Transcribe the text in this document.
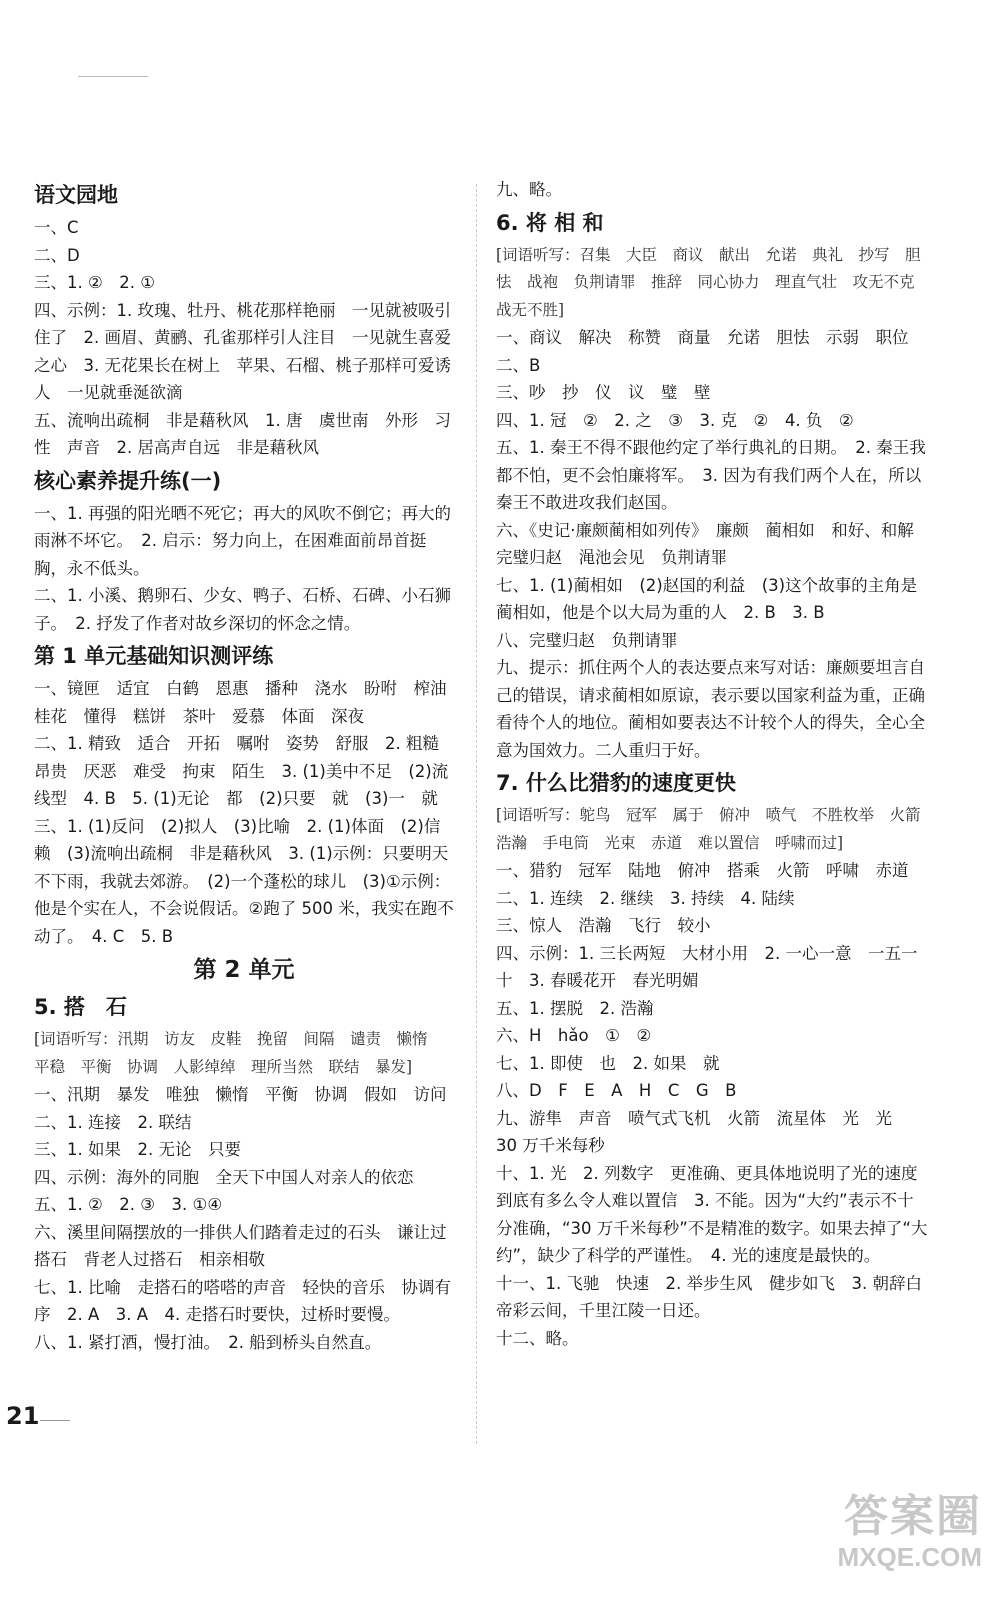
语文园地
一、C
二、D
三、1. ②　2. ①
四、示例：1. 玫瑰、牡丹、桃花那样艳丽　一见就被吸引住了　2. 画眉、黄鹂、孔雀那样引人注目　一见就生喜爱之心　3. 无花果长在树上　苹果、石榴、桃子那样可爱诱人　一见就垂涎欲滴
五、流响出疏桐　非是藉秋风　1. 唐　虞世南　外形　习性　声音　2. 居高声自远　非是藉秋风
核心素养提升练(一)
一、1. 再强的阳光晒不死它；再大的风吹不倒它；再大的雨淋不坏它。　2. 启示：努力向上，在困难面前昂首挺胸，永不低头。
二、1. 小溪、鹅卵石、少女、鸭子、石桥、石碑、小石狮子。　2. 抒发了作者对故乡深切的怀念之情。
第 1 单元基础知识测评练
一、镜匣　适宜　白鹤　恩惠　播种　浇水　盼咐　榨油　桂花　懂得　糕饼　茶叶　爱慕　体面　深夜
二、1. 精致　适合　开拓　嘱咐　姿势　舒服　2. 粗糙　昂贵　厌恶　难受　拘束　陌生　3. (1)美中不足　(2)流线型　4. B　5. (1)无论　都　(2)只要　就　(3)一　就
三、1. (1)反问　(2)拟人　(3)比喻　2. (1)体面　(2)信赖　(3)流响出疏桐　非是藉秋风　3. (1)示例：只要明天不下雨，我就去郊游。　(2)一个蓬松的球儿　(3)①示例：他是个实在人，不会说假话。②跑了 500 米，我实在跑不动了。　4. C　5. B
第 2 单元
5. 搭　石
[词语听写：汛期　访友　皮鞋　挽留　间隔　谴责　懒惰　平稳　平衡　协调　人影绰绰　理所当然　联结　暴发]
一、汛期　暴发　唯独　懒惰　平衡　协调　假如　访问
二、1. 连接　2. 联结
三、1. 如果　2. 无论　只要
四、示例：海外的同胞　全天下中国人对亲人的依恋
五、1. ②　2. ③　3. ①④
六、溪里间隔摆放的一排供人们踏着走过的石头　谦让过搭石　背老人过搭石　相亲相敬
七、1. 比喻　走搭石的嗒嗒的声音　轻快的音乐　协调有序　2. A　3. A　4. 走搭石时要快，过桥时要慢。
八、1. 紧打酒，慢打油。　2. 船到桥头自然直。
九、略。
6. 将 相 和
[词语听写：召集　大臣　商议　献出　允诺　典礼　抄写　胆怯　战袍　负荆请罪　推辞　同心协力　理直气壮　攻无不克　战无不胜]
一、商议　解决　称赞　商量　允诺　胆怯　示弱　职位
二、B
三、吵　抄　仪　议　璧　壁
四、1. 冠　②　2. 之　③　3. 克　②　4. 负　②
五、1. 秦王不得不跟他约定了举行典礼的日期。　2. 秦王我都不怕，更不会怕廉将军。　3. 因为有我们两个人在，所以秦王不敢进攻我们赵国。
六、《史记·廉颇蔺相如列传》　廉颇　蔺相如　和好、和解　完璧归赵　渑池会见　负荆请罪
七、1. (1)蔺相如　(2)赵国的利益　(3)这个故事的主角是蔺相如，他是个以大局为重的人　2. B　3. B
八、完璧归赵　负荆请罪
九、提示：抓住两个人的表达要点来写对话：廉颇要坦言自己的错误，请求蔺相如原谅，表示要以国家利益为重，正确看待个人的地位。蔺相如要表达不计较个人的得失，全心全意为国效力。二人重归于好。
7. 什么比猎豹的速度更快
[词语听写：鸵鸟　冠军　属于　俯冲　喷气　不胜枚举　火箭　浩瀚　手电筒　光束　赤道　难以置信　呼啸而过]
一、猎豹　冠军　陆地　俯冲　搭乘　火箭　呼啸　赤道
二、1. 连续　2. 继续　3. 持续　4. 陆续
三、惊人　浩瀚　飞行　较小
四、示例：1. 三长两短　大材小用　2. 一心一意　一五一十　3. 春暖花开　春光明媚
五、1. 摆脱　2. 浩瀚
六、H　hǎo　①　②
七、1. 即使　也　2. 如果　就
八、D　F　E　A　H　C　G　B
九、游隼　声音　喷气式飞机　火箭　流星体　光　光　30 万千米每秒
十、1. 光　2. 列数字　更准确、更具体地说明了光的速度到底有多么令人难以置信　3. 不能。因为“大约”表示不十分准确，“30 万千米每秒”不是精准的数字。如果去掉了“大约”，缺少了科学的严谨性。　4. 光的速度是最快的。
十一、1. 飞驰　快速　2. 举步生风　健步如飞　3. 朝辞白帝彩云间，千里江陵一日还。
十二、略。
21
答案圈
MXQE.COM
